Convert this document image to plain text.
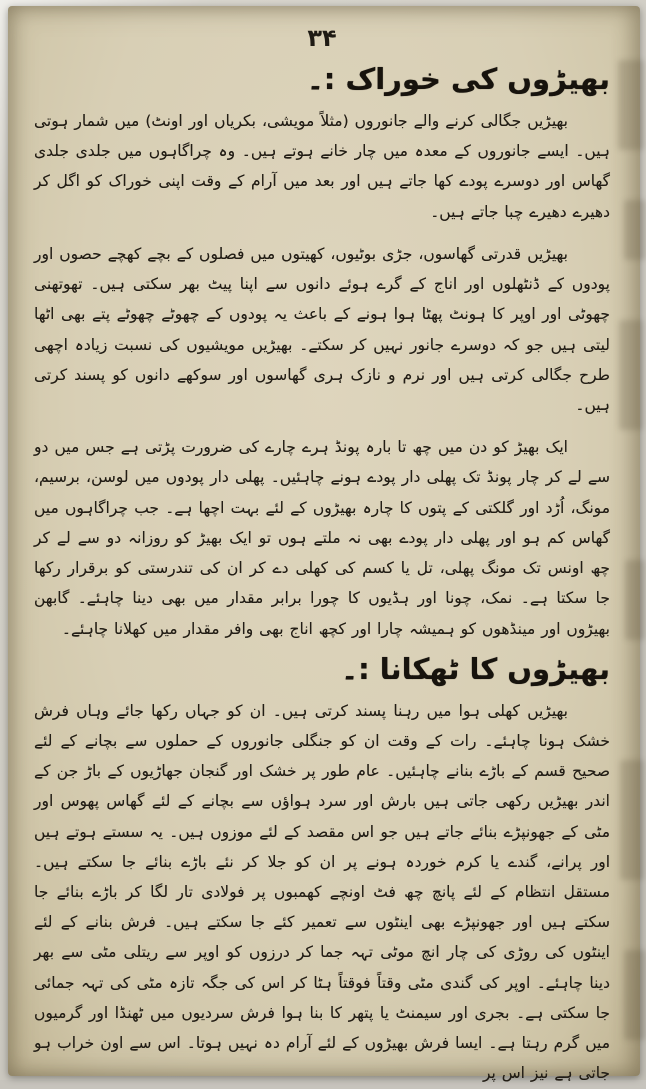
۳۴
بھیڑوں کی خوراک :۔

بھیڑیں جگالی کرنے والے جانوروں (مثلاً مویشی، بکریاں اور اونٹ) میں شمار ہوتی ہیں۔ ایسے جانوروں کے معدہ میں چار خانے ہوتے ہیں۔ وہ چراگاہوں میں جلدی جلدی گھاس اور دوسرے پودے کھا جاتے ہیں اور بعد میں آرام کے وقت اپنی خوراک کو اگل کر دھیرے دھیرے چبا جاتے ہیں۔

بھیڑیں قدرتی گھاسوں، جڑی بوٹیوں، کھیتوں میں فصلوں کے بچے کھچے حصوں اور پودوں کے ڈنٹھلوں اور اناج کے گرے ہوئے دانوں سے اپنا پیٹ بھر سکتی ہیں۔ تھوتھنی چھوٹی اور اوپر کا ہونٹ پھٹا ہوا ہونے کے باعث یہ پودوں کے چھوٹے چھوٹے پتے بھی اٹھا لیتی ہیں جو کہ دوسرے جانور نہیں کر سکتے۔ بھیڑیں مویشیوں کی نسبت زیادہ اچھی طرح جگالی کرتی ہیں اور نرم و نازک ہری گھاسوں اور سوکھے دانوں کو پسند کرتی ہیں۔

ایک بھیڑ کو دن میں چھ تا بارہ پونڈ ہرے چارے کی ضرورت پڑتی ہے جس میں دو سے لے کر چار پونڈ تک پھلی دار پودے ہونے چاہئیں۔ پھلی دار پودوں میں لوسن، برسیم، مونگ، اُڑد اور گلکتی کے پتوں کا چارہ بھیڑوں کے لئے بہت اچھا ہے۔ جب چراگاہوں میں گھاس کم ہو اور پھلی دار پودے بھی نہ ملتے ہوں تو ایک بھیڑ کو روزانہ دو سے لے کر چھ اونس تک مونگ پھلی، تل یا کسم کی کھلی دے کر ان کی تندرستی کو برقرار رکھا جا سکتا ہے۔ نمک، چونا اور ہڈیوں کا چورا برابر مقدار میں بھی دینا چاہئے۔ گابھن بھیڑوں اور مینڈھوں کو ہمیشہ چارا اور کچھ اناج بھی وافر مقدار میں کھلانا چاہئے۔

بھیڑوں کا ٹھکانا :۔

بھیڑیں کھلی ہوا میں رہنا پسند کرتی ہیں۔ ان کو جہاں رکھا جائے وہاں فرش خشک ہونا چاہئے۔ رات کے وقت ان کو جنگلی جانوروں کے حملوں سے بچانے کے لئے صحیح قسم کے باڑے بنانے چاہئیں۔ عام طور پر خشک اور گنجان جھاڑیوں کے باڑ جن کے اندر بھیڑیں رکھی جاتی ہیں بارش اور سرد ہواؤں سے بچانے کے لئے گھاس پھوس اور مٹی کے جھونپڑے بنائے جاتے ہیں جو اس مقصد کے لئے موزوں ہیں۔ یہ سستے ہوتے ہیں اور پرانے، گندے یا کرم خوردہ ہونے پر ان کو جلا کر نئے باڑے بنائے جا سکتے ہیں۔ مستقل انتظام کے لئے پانچ چھ فٹ اونچے کھمبوں پر فولادی تار لگا کر باڑے بنائے جا سکتے ہیں اور جھونپڑے بھی اینٹوں سے تعمیر کئے جا سکتے ہیں۔ فرش بنانے کے لئے اینٹوں کی روڑی کی چار انچ موٹی تہہ جما کر درزوں کو اوپر سے ریتلی مٹی سے بھر دینا چاہئے۔ اوپر کی گندی مٹی وقتاً فوقتاً ہٹا کر اس کی جگہ تازہ مٹی کی تہہ جمائی جا سکتی ہے۔ بجری اور سیمنٹ یا پتھر کا بنا ہوا فرش سردیوں میں ٹھنڈا اور گرمیوں میں گرم رہتا ہے۔ ایسا فرش بھیڑوں کے لئے آرام دہ نہیں ہوتا۔ اس سے اون خراب ہو جاتی ہے نیز اس پر
